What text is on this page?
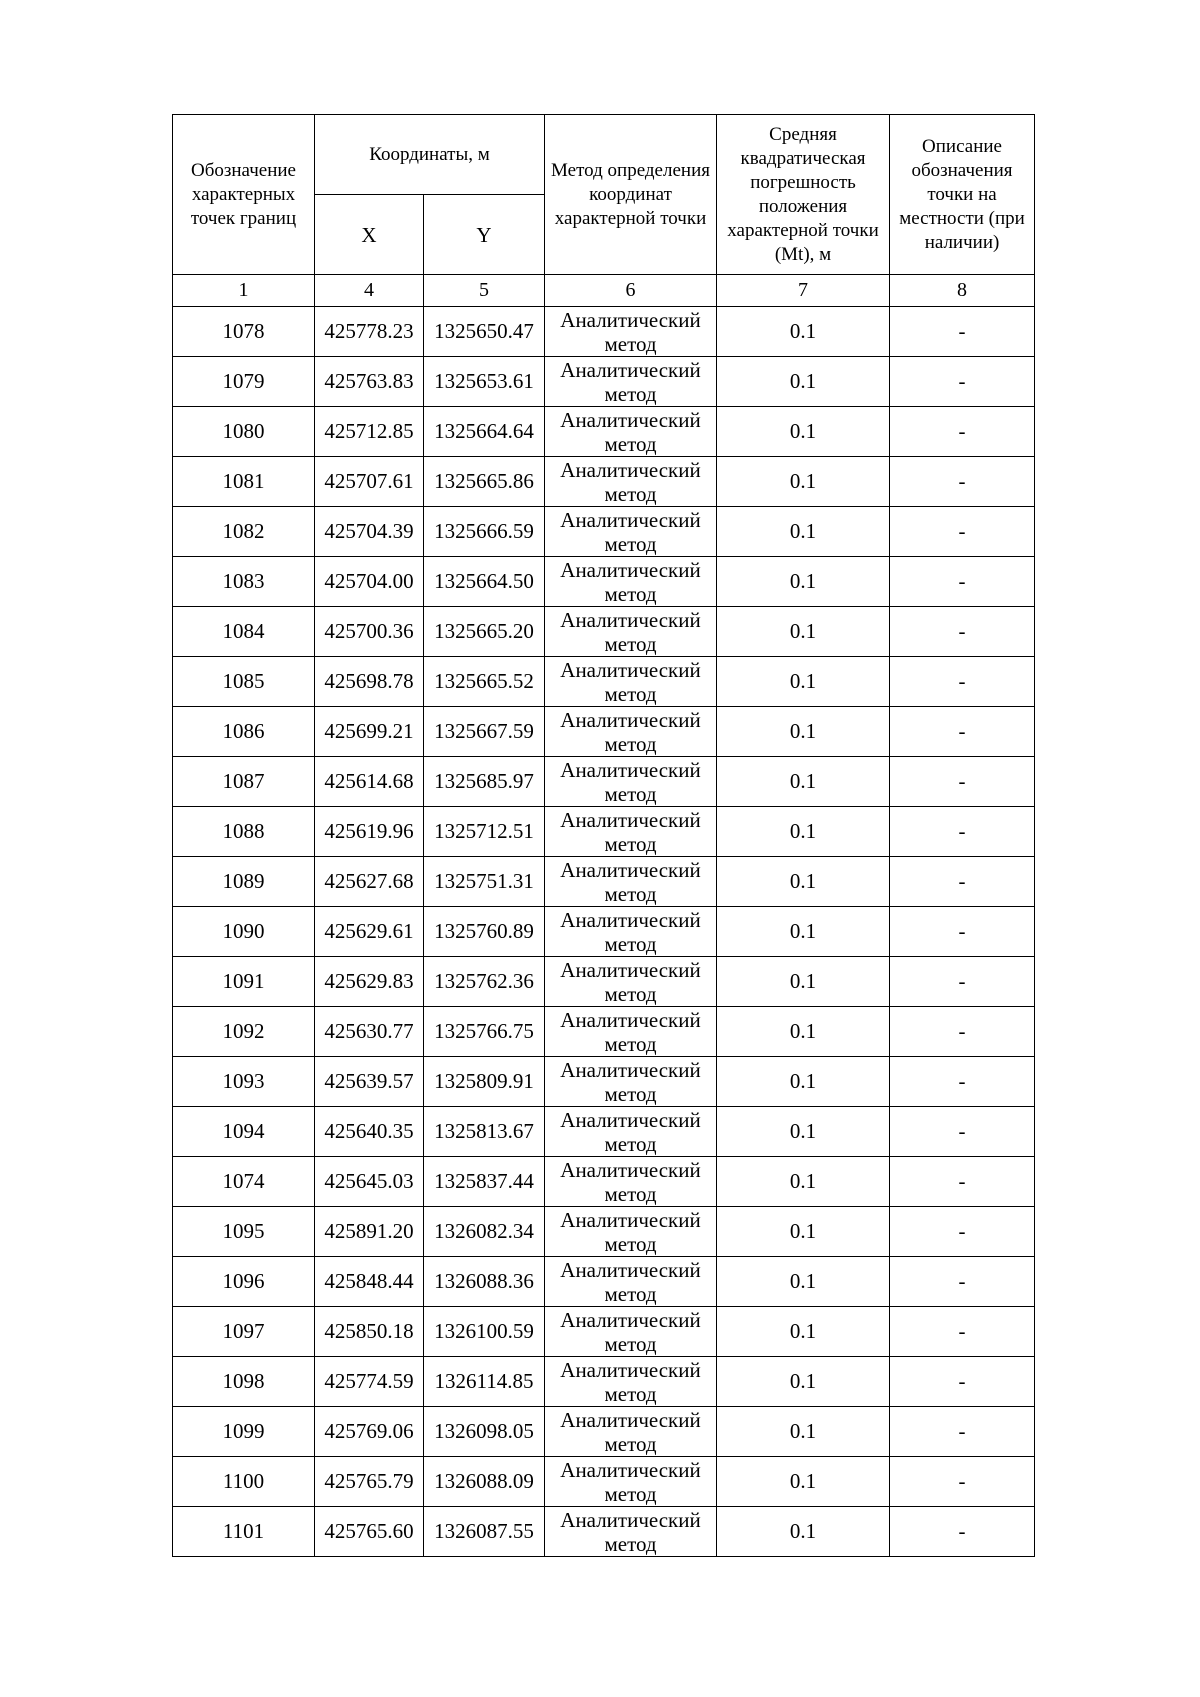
Обозначение характерных точек границ	Координаты, м		Метод определения координат характерной точки	Средняя квадратическая погрешность положения характерной точки (Mt), м	Описание обозначения точки на местности (при наличии)
	X	Y			
1	4	5	6	7	8
1078	425778.23	1325650.47	Аналитический метод	0.1	-
1079	425763.83	1325653.61	Аналитический метод	0.1	-
1080	425712.85	1325664.64	Аналитический метод	0.1	-
1081	425707.61	1325665.86	Аналитический метод	0.1	-
1082	425704.39	1325666.59	Аналитический метод	0.1	-
1083	425704.00	1325664.50	Аналитический метод	0.1	-
1084	425700.36	1325665.20	Аналитический метод	0.1	-
1085	425698.78	1325665.52	Аналитический метод	0.1	-
1086	425699.21	1325667.59	Аналитический метод	0.1	-
1087	425614.68	1325685.97	Аналитический метод	0.1	-
1088	425619.96	1325712.51	Аналитический метод	0.1	-
1089	425627.68	1325751.31	Аналитический метод	0.1	-
1090	425629.61	1325760.89	Аналитический метод	0.1	-
1091	425629.83	1325762.36	Аналитический метод	0.1	-
1092	425630.77	1325766.75	Аналитический метод	0.1	-
1093	425639.57	1325809.91	Аналитический метод	0.1	-
1094	425640.35	1325813.67	Аналитический метод	0.1	-
1074	425645.03	1325837.44	Аналитический метод	0.1	-
1095	425891.20	1326082.34	Аналитический метод	0.1	-
1096	425848.44	1326088.36	Аналитический метод	0.1	-
1097	425850.18	1326100.59	Аналитический метод	0.1	-
1098	425774.59	1326114.85	Аналитический метод	0.1	-
1099	425769.06	1326098.05	Аналитический метод	0.1	-
1100	425765.79	1326088.09	Аналитический метод	0.1	-
1101	425765.60	1326087.55	Аналитический метод	0.1	-
